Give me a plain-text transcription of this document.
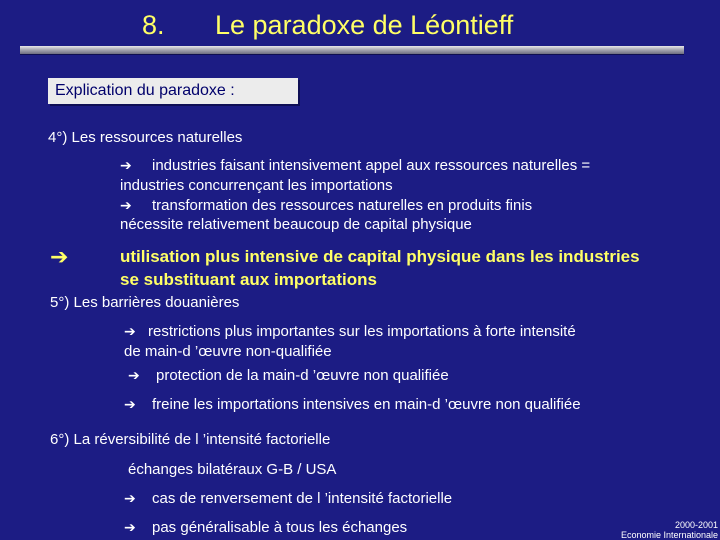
8. Le paradoxe de Léontieff
Explication du paradoxe :
4°) Les ressources naturelles
➔ industries faisant intensivement appel aux ressources naturelles =
industries concurrençant les importations
➔ transformation des ressources naturelles en produits finis
nécessite relativement beaucoup de capital physique
➔	utilisation plus intensive de capital physique dans les industries
se substituant aux importations
5°) Les barrières douanières
➔ restrictions plus importantes sur les importations à forte intensité
de main-d ’œuvre non-qualifiée
➔ protection de la main-d ’œuvre non qualifiée
➔ freine les importations intensives en main-d ’œuvre non qualifiée
6°) La réversibilité de l ’intensité factorielle
échanges bilatéraux G-B / USA
➔ cas de renversement de l ’intensité factorielle
➔ pas généralisable à tous les échanges	2000-2001
Economie Internationale
